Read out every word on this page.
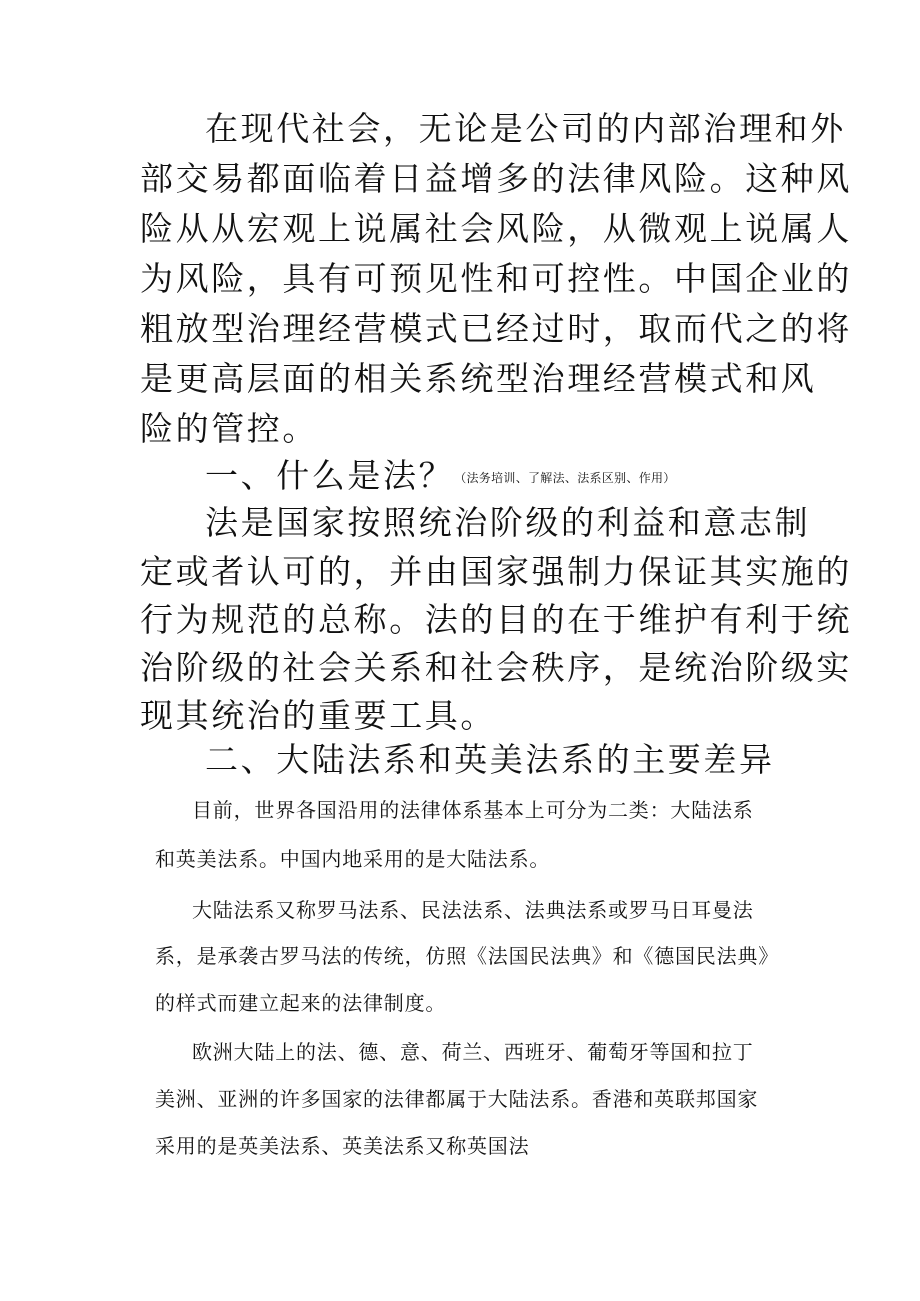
在现代社会，无论是公司的内部治理和外
部交易都面临着日益增多的法律风险。这种风
险从从宏观上说属社会风险，从微观上说属人
为风险，具有可预见性和可控性。中国企业的
粗放型治理经营模式已经过时，取而代之的将
是更高层面的相关系统型治理经营模式和风
险的管控。
一、什么是法？（法务培训、了解法、法系区别、作用）
法是国家按照统治阶级的利益和意志制
定或者认可的，并由国家强制力保证其实施的
行为规范的总称。法的目的在于维护有利于统
治阶级的社会关系和社会秩序，是统治阶级实
现其统治的重要工具。
二、大陆法系和英美法系的主要差异
目前，世界各国沿用的法律体系基本上可分为二类：大陆法系
和英美法系。中国内地采用的是大陆法系。
大陆法系又称罗马法系、民法法系、法典法系或罗马日耳曼法
系，是承袭古罗马法的传统，仿照《法国民法典》和《德国民法典》
的样式而建立起来的法律制度。
欧洲大陆上的法、德、意、荷兰、西班牙、葡萄牙等国和拉丁
美洲、亚洲的许多国家的法律都属于大陆法系。香港和英联邦国家
采用的是英美法系、英美法系又称英国法
